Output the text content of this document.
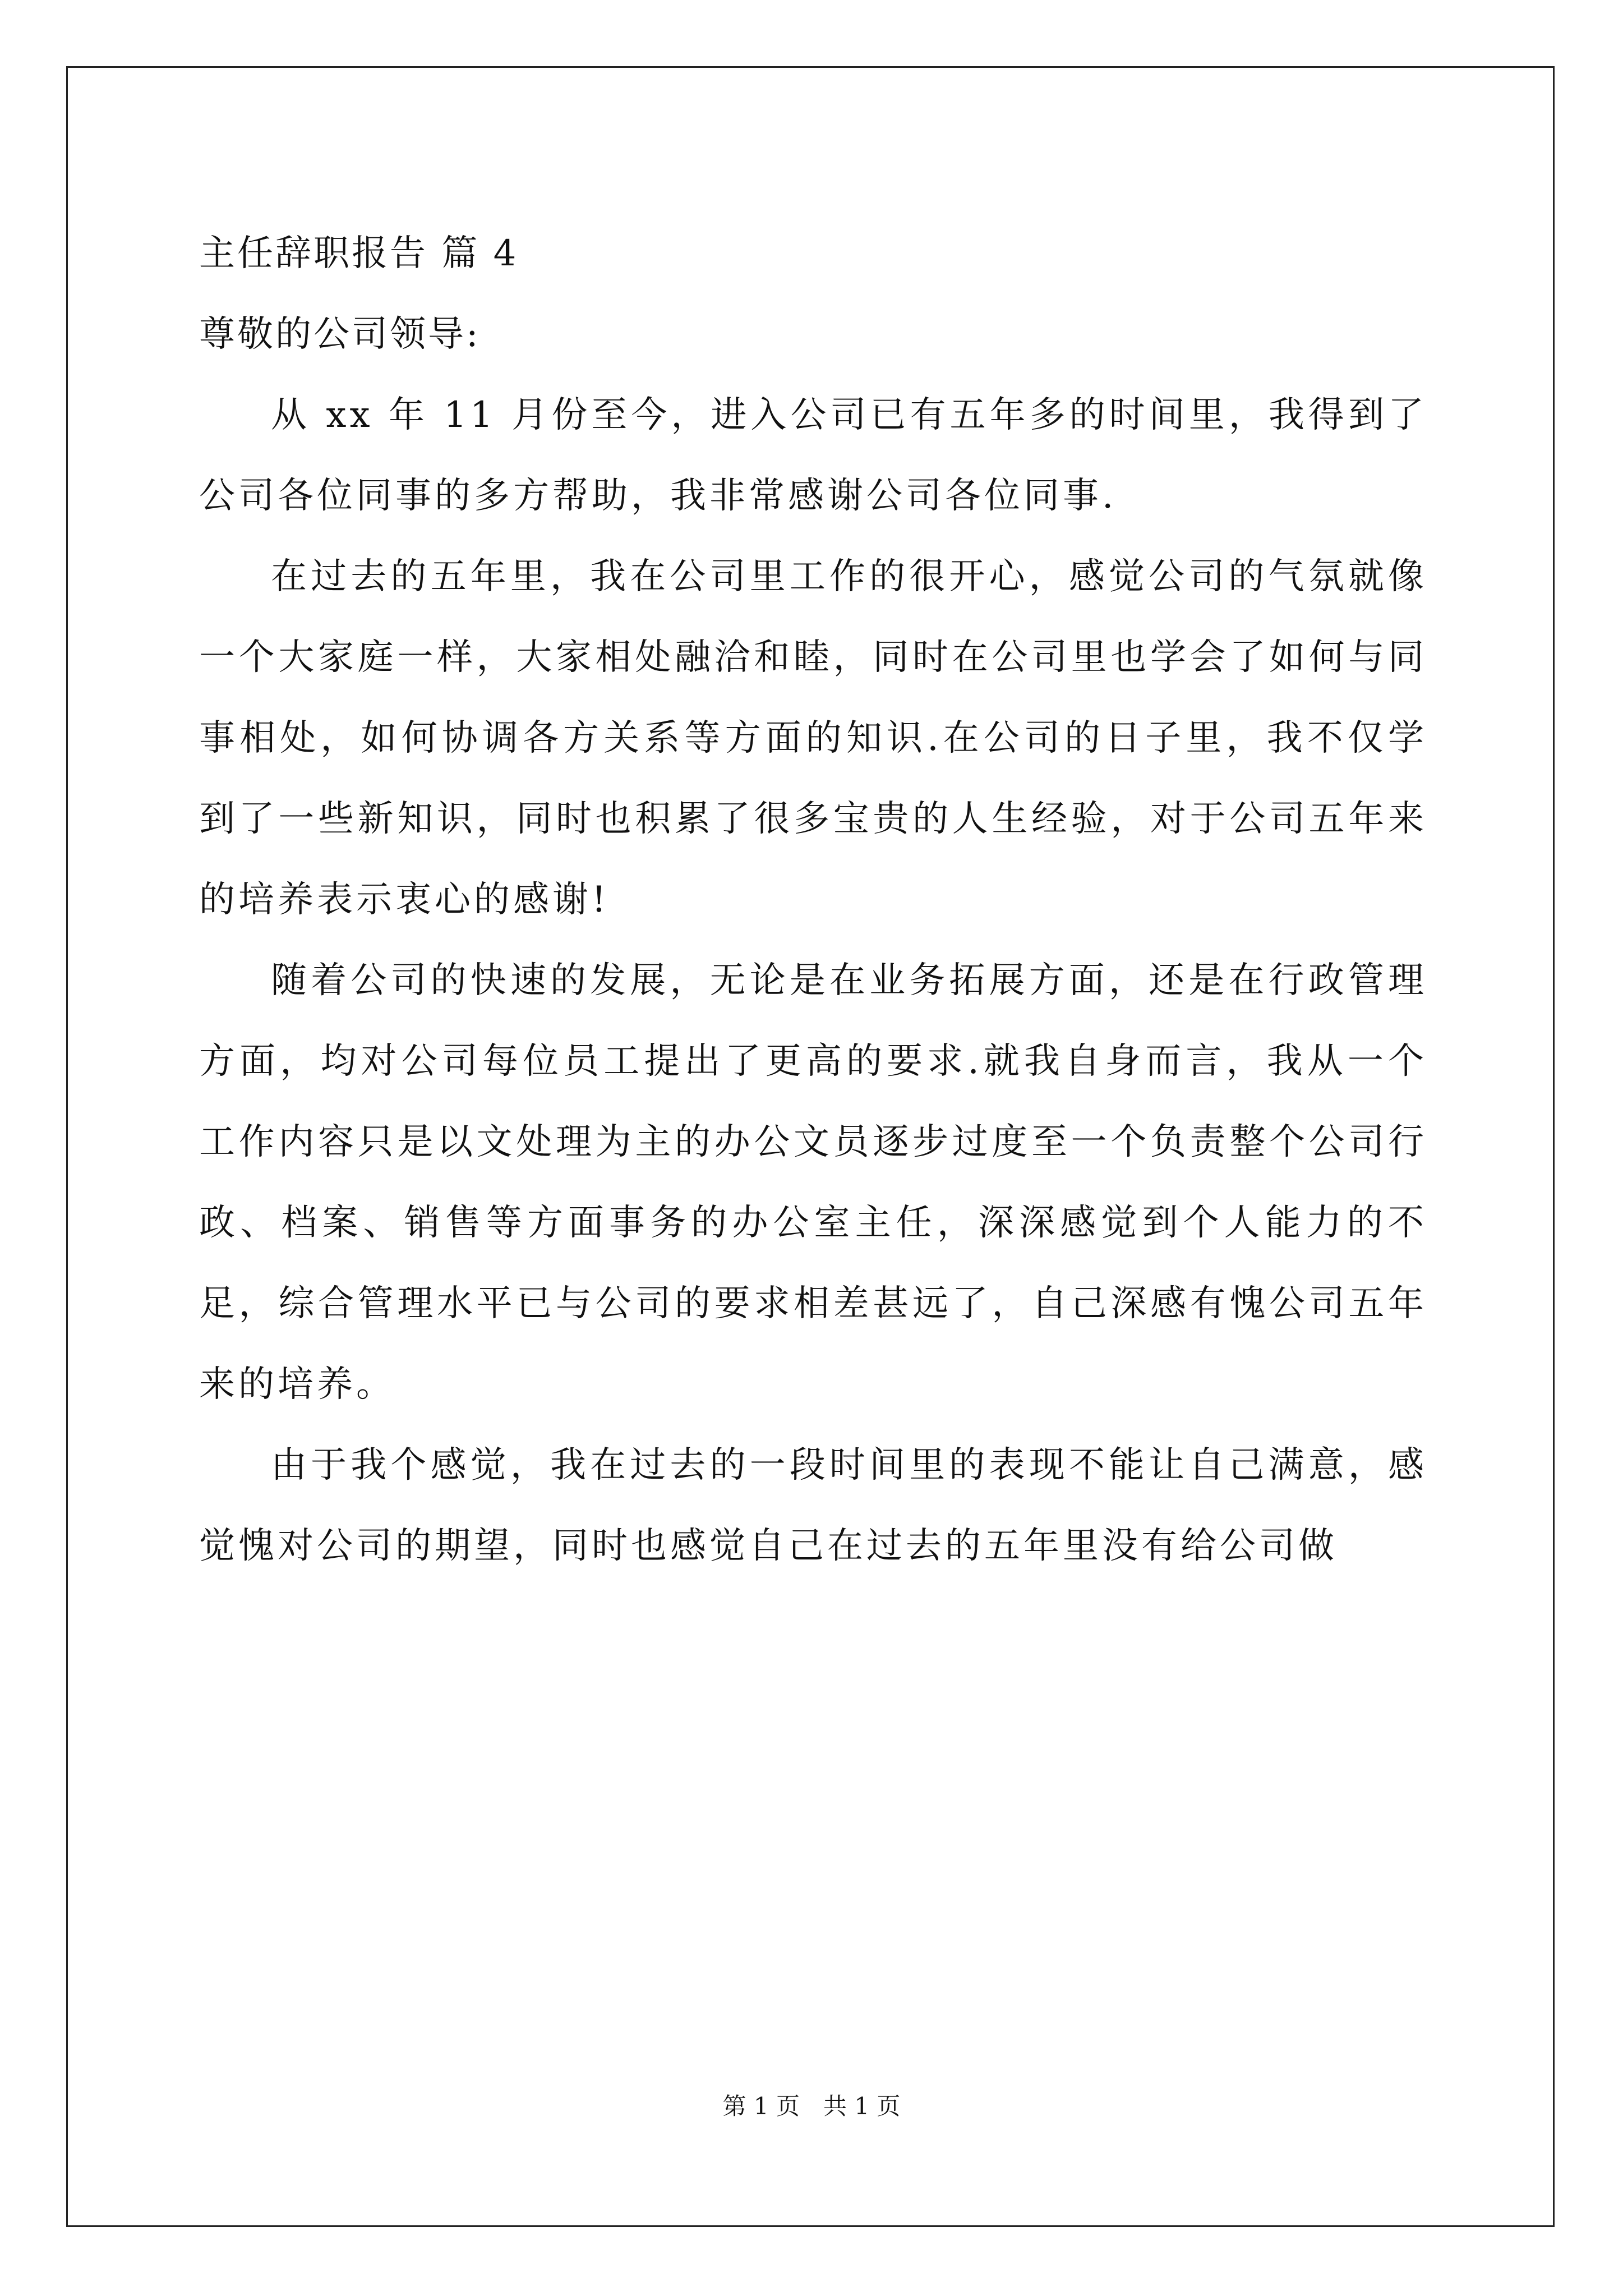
主任辞职报告 篇 4

尊敬的公司领导:

从 xx 年 11 月份至今，进入公司已有五年多的时间里，我得到了公司各位同事的多方帮助，我非常感谢公司各位同事.

在过去的五年里，我在公司里工作的很开心，感觉公司的气氛就像一个大家庭一样，大家相处融洽和睦，同时在公司里也学会了如何与同事相处，如何协调各方关系等方面的知识.在公司的日子里，我不仅学到了一些新知识，同时也积累了很多宝贵的人生经验，对于公司五年来的培养表示衷心的感谢!

随着公司的快速的发展，无论是在业务拓展方面，还是在行政管理方面，均对公司每位员工提出了更高的要求.就我自身而言，我从一个工作内容只是以文处理为主的办公文员逐步过度至一个负责整个公司行政、档案、销售等方面事务的办公室主任，深深感觉到个人能力的不足，综合管理水平已与公司的要求相差甚远了，自己深感有愧公司五年来的培养。

由于我个感觉，我在过去的一段时间里的表现不能让自己满意，感觉愧对公司的期望，同时也感觉自己在过去的五年里没有给公司做

第 1 页　共 1 页
